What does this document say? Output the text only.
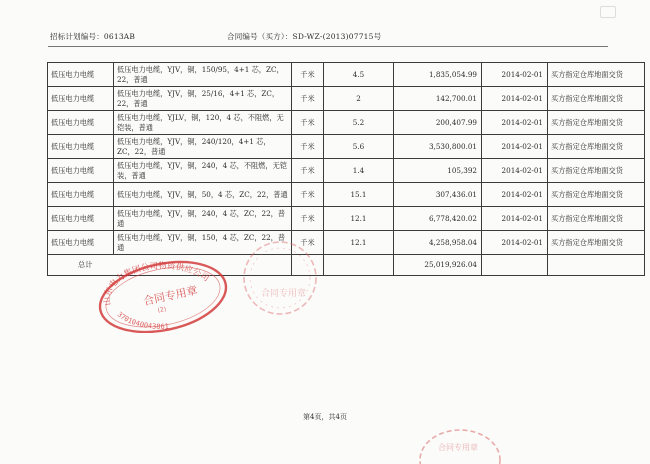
招标计划编号：0613AB	合同编号（买方）：SD-WZ-(2013)07715号
低压电力电缆	低压电力电缆，YJV，铜，150/95，4+1 芯，ZC，22，普通	千米	4.5	1,835,054.99	2014-02-01	买方指定仓库地面交货
低压电力电缆	低压电力电缆，YJV，铜，25/16，4+1 芯，ZC，22，普通	千米	2	142,700.01	2014-02-01	买方指定仓库地面交货
低压电力电缆	低压电力电缆，YJLV，铜，120，4 芯，不阻燃，无铠装，普通	千米	5.2	200,407.99	2014-02-01	买方指定仓库地面交货
低压电力电缆	低压电力电缆，YJV，铜，240/120，4+1 芯，ZC，22，普通	千米	5.6	3,530,800.01	2014-02-01	买方指定仓库地面交货
低压电力电缆	低压电力电缆，YJV，铜，240，4 芯，不阻燃，无铠装，普通	千米	1.4	105,392	2014-02-01	买方指定仓库地面交货
低压电力电缆	低压电力电缆，YJV，铜，50，4 芯，ZC，22，普通	千米	15.1	307,436.01	2014-02-01	买方指定仓库地面交货
低压电力电缆	低压电力电缆，YJV，铜，240，4 芯，ZC，22，普通	千米	12.1	6,778,420.02	2014-02-01	买方指定仓库地面交货
低压电力电缆	低压电力电缆，YJV，铜，150，4 芯，ZC，22，普通	千米	12.1	4,258,958.04	2014-02-01	买方指定仓库地面交货
总计				25,019,926.04		
山东电力集团公司物资供应公司
合同专用章
(2)
3701040043861
合同专用章
合同专用章
第4页，共4页
